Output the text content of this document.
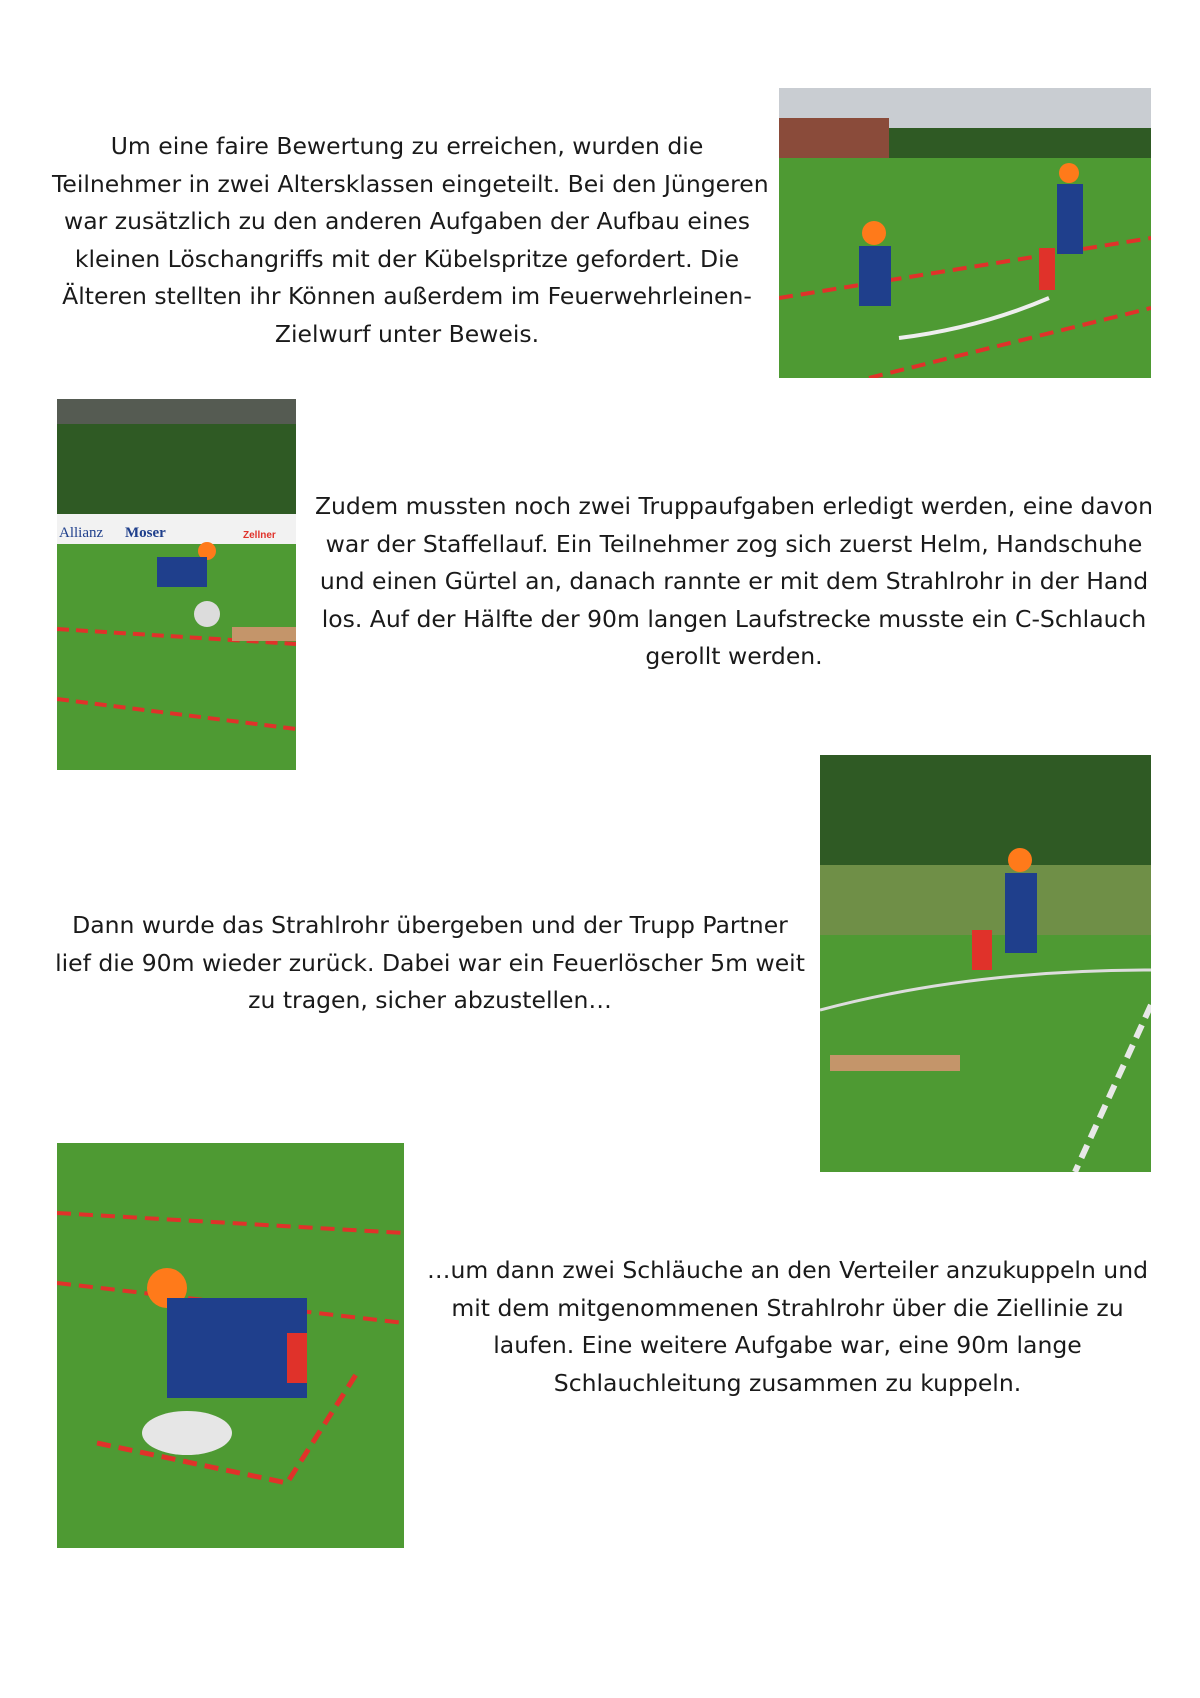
Um eine faire Bewertung zu erreichen, wurden die
Teilnehmer in zwei Altersklassen eingeteilt. Bei den Jüngeren
war zusätzlich zu den anderen Aufgaben der Aufbau eines
kleinen Löschangriffs mit der Kübelspritze gefordert. Die
Älteren stellten ihr Können außerdem im Feuerwehrleinen-
Zielwurf unter Beweis.
Allianz Moser	Zellner
Zudem mussten noch zwei Truppaufgaben erledigt werden, eine davon
war der Staffellauf. Ein Teilnehmer zog sich zuerst Helm, Handschuhe
und einen Gürtel an, danach rannte er mit dem Strahlrohr in der Hand
los. Auf der Hälfte der 90m langen Laufstrecke musste ein C-Schlauch
gerollt werden.
Dann wurde das Strahlrohr übergeben und der Trupp Partner
lief die 90m wieder zurück. Dabei war ein Feuerlöscher 5m weit
zu tragen, sicher abzustellen…
…um dann zwei Schläuche an den Verteiler anzukuppeln und
mit dem mitgenommenen Strahlrohr über die Ziellinie zu
laufen. Eine weitere Aufgabe war, eine 90m lange
Schlauchleitung zusammen zu kuppeln.
